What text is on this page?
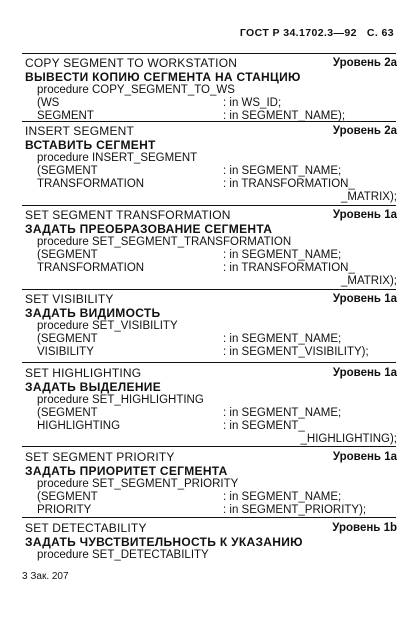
ГОСТ Р 34.1702.3—92 С. 63
COPY SEGMENT TO WORKSTATION	Уровень 2а
ВЫВЕСТИ КОПИЮ СЕГМЕНТА НА СТАНЦИЮ
procedure COPY_SEGMENT_TO_WS
(WS	: in WS_ID;
SEGMENT	: in SEGMENT_NAME);
INSERT SEGMENT	Уровень 2а
ВСТАВИТЬ СЕГМЕНТ
procedure INSERT_SEGMENT
(SEGMENT	: in SEGMENT_NAME;
TRANSFORMATION	: in TRANSFORMATION_
_MATRIX);
SET SEGMENT TRANSFORMATION	Уровень 1а
ЗАДАТЬ ПРЕОБРАЗОВАНИЕ СЕГМЕНТА
procedure SET_SEGMENT_TRANSFORMATION
(SEGMENT	: in SEGMENT_NAME;
TRANSFORMATION	: in TRANSFORMATION_
_MATRIX);
SET VISIBILITY	Уровень 1а
ЗАДАТЬ ВИДИМОСТЬ
procedure SET_VISIBILITY
(SEGMENT	: in SEGMENT_NAME;
VISIBILITY	: in SEGMENT_VISIBILITY);
SET HIGHLIGHTING	Уровень 1а
ЗАДАТЬ ВЫДЕЛЕНИЕ
procedure SET_HIGHLIGHTING
(SEGMENT	: in SEGMENT_NAME;
HIGHLIGHTING	: in SEGMENT_
_HIGHLIGHTING);
SET SEGMENT PRIORITY	Уровень 1а
ЗАДАТЬ ПРИОРИТЕТ СЕГМЕНТА
procedure SET_SEGMENT_PRIORITY
(SEGMENT	: in SEGMENT_NAME;
PRIORITY	: in SEGMENT_PRIORITY);
SET DETECTABILITY	Уровень 1b
ЗАДАТЬ ЧУВСТВИТЕЛЬНОСТЬ К УКАЗАНИЮ
procedure SET_DETECTABILITY
3 Зак. 207
